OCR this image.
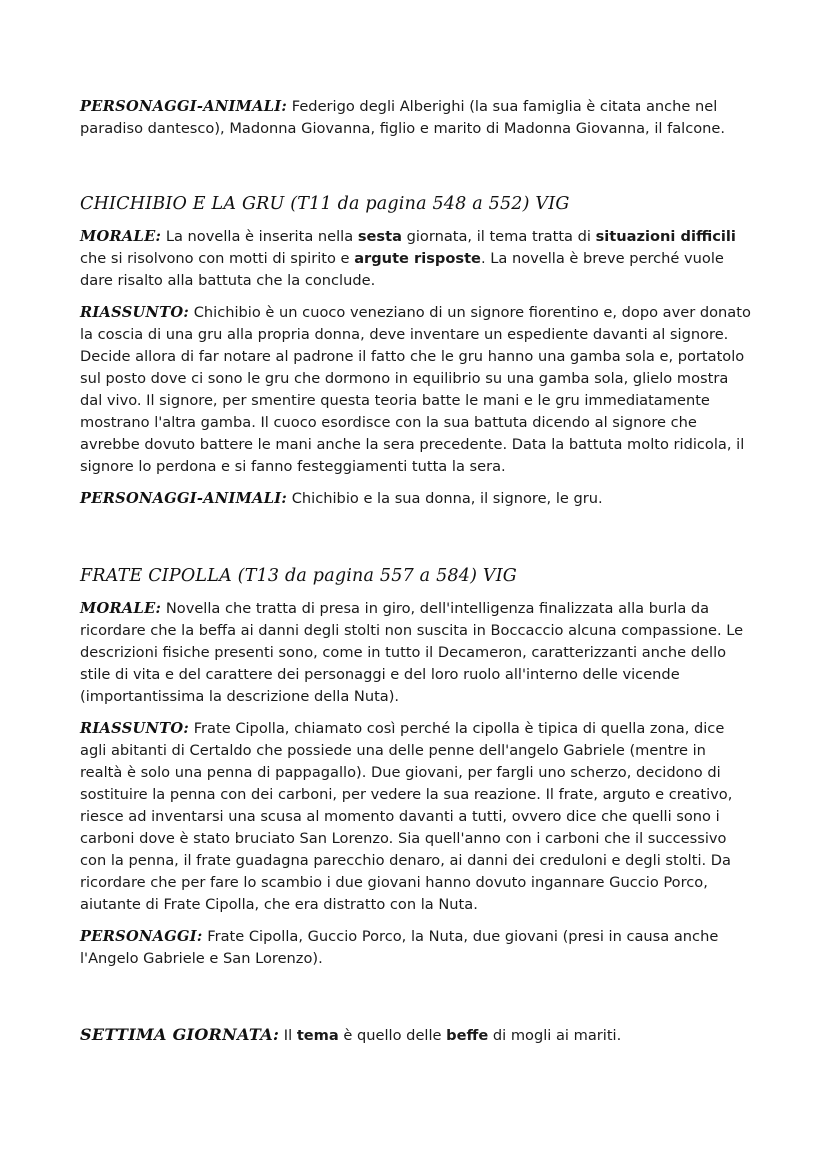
PERSONAGGI-ANIMALI: Federigo degli Alberighi (la sua famiglia è citata anche nel paradiso dantesco), Madonna Giovanna, figlio e marito di Madonna Giovanna, il falcone.

CHICHIBIO E LA GRU (T11 da pagina 548 a 552) VIG

MORALE: La novella è inserita nella sesta giornata, il tema tratta di situazioni difficili che si risolvono con motti di spirito e argute risposte. La novella è breve perché vuole dare risalto alla battuta che la conclude.

RIASSUNTO: Chichibio è un cuoco veneziano di un signore fiorentino e, dopo aver donato la coscia di una gru alla propria donna, deve inventare un espediente davanti al signore. Decide allora di far notare al padrone il fatto che le gru hanno una gamba sola e, portatolo sul posto dove ci sono le gru che dormono in equilibrio su una gamba sola, glielo mostra dal vivo. Il signore, per smentire questa teoria batte le mani e le gru immediatamente mostrano l'altra gamba. Il cuoco esordisce con la sua battuta dicendo al signore che avrebbe dovuto battere le mani anche la sera precedente. Data la battuta molto ridicola, il signore lo perdona e si fanno festeggiamenti tutta la sera.

PERSONAGGI-ANIMALI: Chichibio e la sua donna, il signore, le gru.

FRATE CIPOLLA (T13 da pagina 557 a 584) VIG

MORALE: Novella che tratta di presa in giro, dell'intelligenza finalizzata alla burla da ricordare che la beffa ai danni degli stolti non suscita in Boccaccio alcuna compassione. Le descrizioni fisiche presenti sono, come in tutto il Decameron, caratterizzanti anche dello stile di vita e del carattere dei personaggi e del loro ruolo all'interno delle vicende (importantissima la descrizione della Nuta).

RIASSUNTO: Frate Cipolla, chiamato così perché la cipolla è tipica di quella zona, dice agli abitanti di Certaldo che possiede una delle penne dell'angelo Gabriele (mentre in realtà è solo una penna di pappagallo). Due giovani, per fargli uno scherzo, decidono di sostituire la penna con dei carboni, per vedere la sua reazione. Il frate, arguto e creativo, riesce ad inventarsi una scusa al momento davanti a tutti, ovvero dice che quelli sono i carboni dove è stato bruciato San Lorenzo. Sia quell'anno con i carboni che il successivo con la penna, il frate guadagna parecchio denaro, ai danni dei creduloni e degli stolti. Da ricordare che per fare lo scambio i due giovani hanno dovuto ingannare Guccio Porco, aiutante di Frate Cipolla, che era distratto con la Nuta.

PERSONAGGI: Frate Cipolla, Guccio Porco, la Nuta, due giovani (presi in causa anche l'Angelo Gabriele e San Lorenzo).

SETTIMA GIORNATA: Il tema è quello delle beffe di mogli ai mariti.
